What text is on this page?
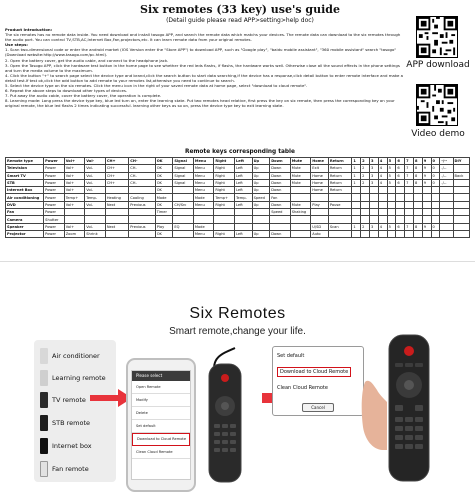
Six remotes (33 key) use's guide
(Detail guide please read APP>setting>help doc)
Product Introduction:
The six remotes has no remote data inside. You need download and install tasogo APP, and search the remote data which matchs your devices. The remote data can download to the six remotes through the audio port. You can control TV,STB,AC,Internet Box,Fan,projectors,etc. It can learn remote data from your original remotes.
Use steps:
1. Scan two-dimensional code or enter the android market (IOS Version enter the "Store APP") to download APP, such as "Google play", "baidu mobile assistant", "360 mobile assistant" search "tasogo"(Download website:http://www.tasogo.com/pc.html).
2. Open the battery cover, get the audio cable, and connect to the headphone jack.
3. Open the Tasogo APP, click the hardware test button in the home page to see whether the red leds flashs, if flashs, the hardware works well. Otherwise close all the sound effects in the phone settings and turn the media volume to the maximum.
4. Click the button "+" to search page select the device type and brand,click the search button to start data searching,if the device has a response,click detail button to enter remote interface and make a detail test.If test ok,click the add button to add remote to your remotes list,otherwise you need to continue to search.
5. Select the device type on the six remotes. Click the menu icon in the right of your saved remote data at home page, select "download to cloud remote".
6. Repeat the above steps to download other types of devices.
7. Put away the audio cable, cover the battery cover, the operation is complete.
8. Learning mode: Long press the device type key, blue led turn on, enter the learning state. Put two remotes head relative, first press the key on six remote, then press the corresponding key on your original remote, the blue led flashs 2 times indicating successful. learning other keys as so on, press the device type key to exit learning state.
APP download
Video demo
Remote keys corresponding table
Remote type	Power	Vol+	Vol-	CH+	CH-	OK	Signal	Menu	Right	Left	Up	Down	Mute	Home	Return	1	2	3	4	5	6	7	8	9	0	-/--	DIY
Television	Power	Vol+	Vol-	CH+	CH-	OK	Signal	Menu	Right	Left	Up	Down	Mute	Exit	Return	1	2	3	4	5	6	7	8	9	0	-/--	
Smart TV	Power	Vol+	Vol-	CH+	CH-	OK	Signal	Menu	Right	Left	Up	Down	Mute	Home	Return	1	2	3	4	5	6	7	8	9	0	-/--	Back
STB	Power	Vol+	Vol-	CH+	CH-	OK	Signal	Menu	Right	Left	Up	Down	Mute	Home	Return	1	2	3	4	5	6	7	8	9	0	-/--	
Internet Box	Power	Vol+	Vol-			OK		Menu	Right	Left	Up	Down		Home	Return												
Air conditioning	Power	Temp+	Temp-	Heating	Cooling	Mode		Mode	Temp+	Temp-	Speed	Fan															
DVD	Power	Vol+	Vol-	Next	Previous	OK	CH/Src	Menu	Right	Left	Up	Down	Mute	Play	Pause												
Fan	Power					Timer						Speed	Shaking														
Camera	Shutter																										
Speaker	Power	Vol+	Vol-	Next	Previous	Play	EQ	Mode						U/SD	Scan	1	2	3	4	5	6	7	8	9	0		
Projector	Power	Zoom	Shrink			OK		Menu	Right	Left	Up	Down		Auto													
Six Remotes
Smart remote,change your life.
Air conditioner
Learning remote
TV remote
STB remote
Internet box
Fan remote
Please select
Open Remote
Modify
Delete
Set default
Download to Cloud Remote
Clean Cloud Remote
Set default
Download to Cloud Remote
Clean Cloud Remote
Cancel
